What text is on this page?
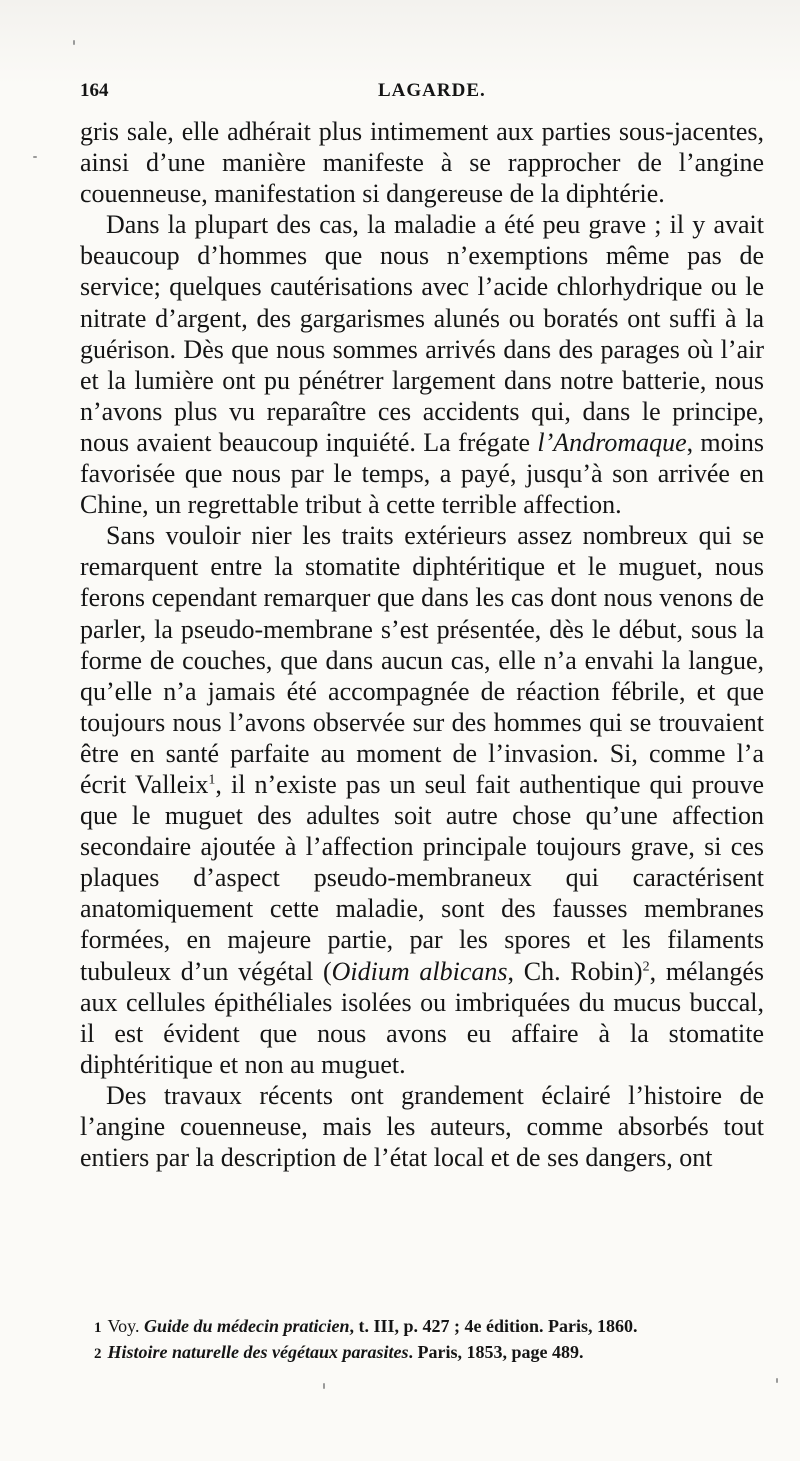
164	LAGARDE.

gris sale, elle adhérait plus intimement aux parties sous-jacentes, ainsi d’une manière manifeste à se rapprocher de l’angine couenneuse, manifestation si dangereuse de la diphtérie.

Dans la plupart des cas, la maladie a été peu grave ; il y avait beaucoup d’hommes que nous n’exemptions même pas de service; quelques cautérisations avec l’acide chlorhydrique ou le nitrate d’argent, des gargarismes alunés ou boratés ont suffi à la guérison. Dès que nous sommes arrivés dans des parages où l’air et la lumière ont pu pénétrer largement dans notre batterie, nous n’avons plus vu reparaître ces accidents qui, dans le principe, nous avaient beaucoup inquiété. La frégate l’Andromaque, moins favorisée que nous par le temps, a payé, jusqu’à son arrivée en Chine, un regrettable tribut à cette terrible affection.

Sans vouloir nier les traits extérieurs assez nombreux qui se remarquent entre la stomatite diphtéritique et le muguet, nous ferons cependant remarquer que dans les cas dont nous venons de parler, la pseudo-membrane s’est présentée, dès le début, sous la forme de couches, que dans aucun cas, elle n’a envahi la langue, qu’elle n’a jamais été accompagnée de réaction fébrile, et que toujours nous l’avons observée sur des hommes qui se trouvaient être en santé parfaite au moment de l’invasion. Si, comme l’a écrit Valleix$^1$, il n’existe pas un seul fait authentique qui prouve que le muguet des adultes soit autre chose qu’une affection secondaire ajoutée à l’affection principale toujours grave, si ces plaques d’aspect pseudo-membraneux qui caractérisent anatomiquement cette maladie, sont des fausses membranes formées, en majeure partie, par les spores et les filaments tubuleux d’un végétal (Oidium albicans, Ch. Robin)$^2$, mélangés aux cellules épithéliales isolées ou imbriquées du mucus buccal, il est évident que nous avons eu affaire à la stomatite diphtéritique et non au muguet.

Des travaux récents ont grandement éclairé l’histoire de l’angine couenneuse, mais les auteurs, comme absorbés tout entiers par la description de l’état local et de ses dangers, ont

1 Voy. Guide du médecin praticien, t. III, p. 427 ; 4e édition. Paris, 1860.

2 Histoire naturelle des végétaux parasites. Paris, 1853, page 489.
